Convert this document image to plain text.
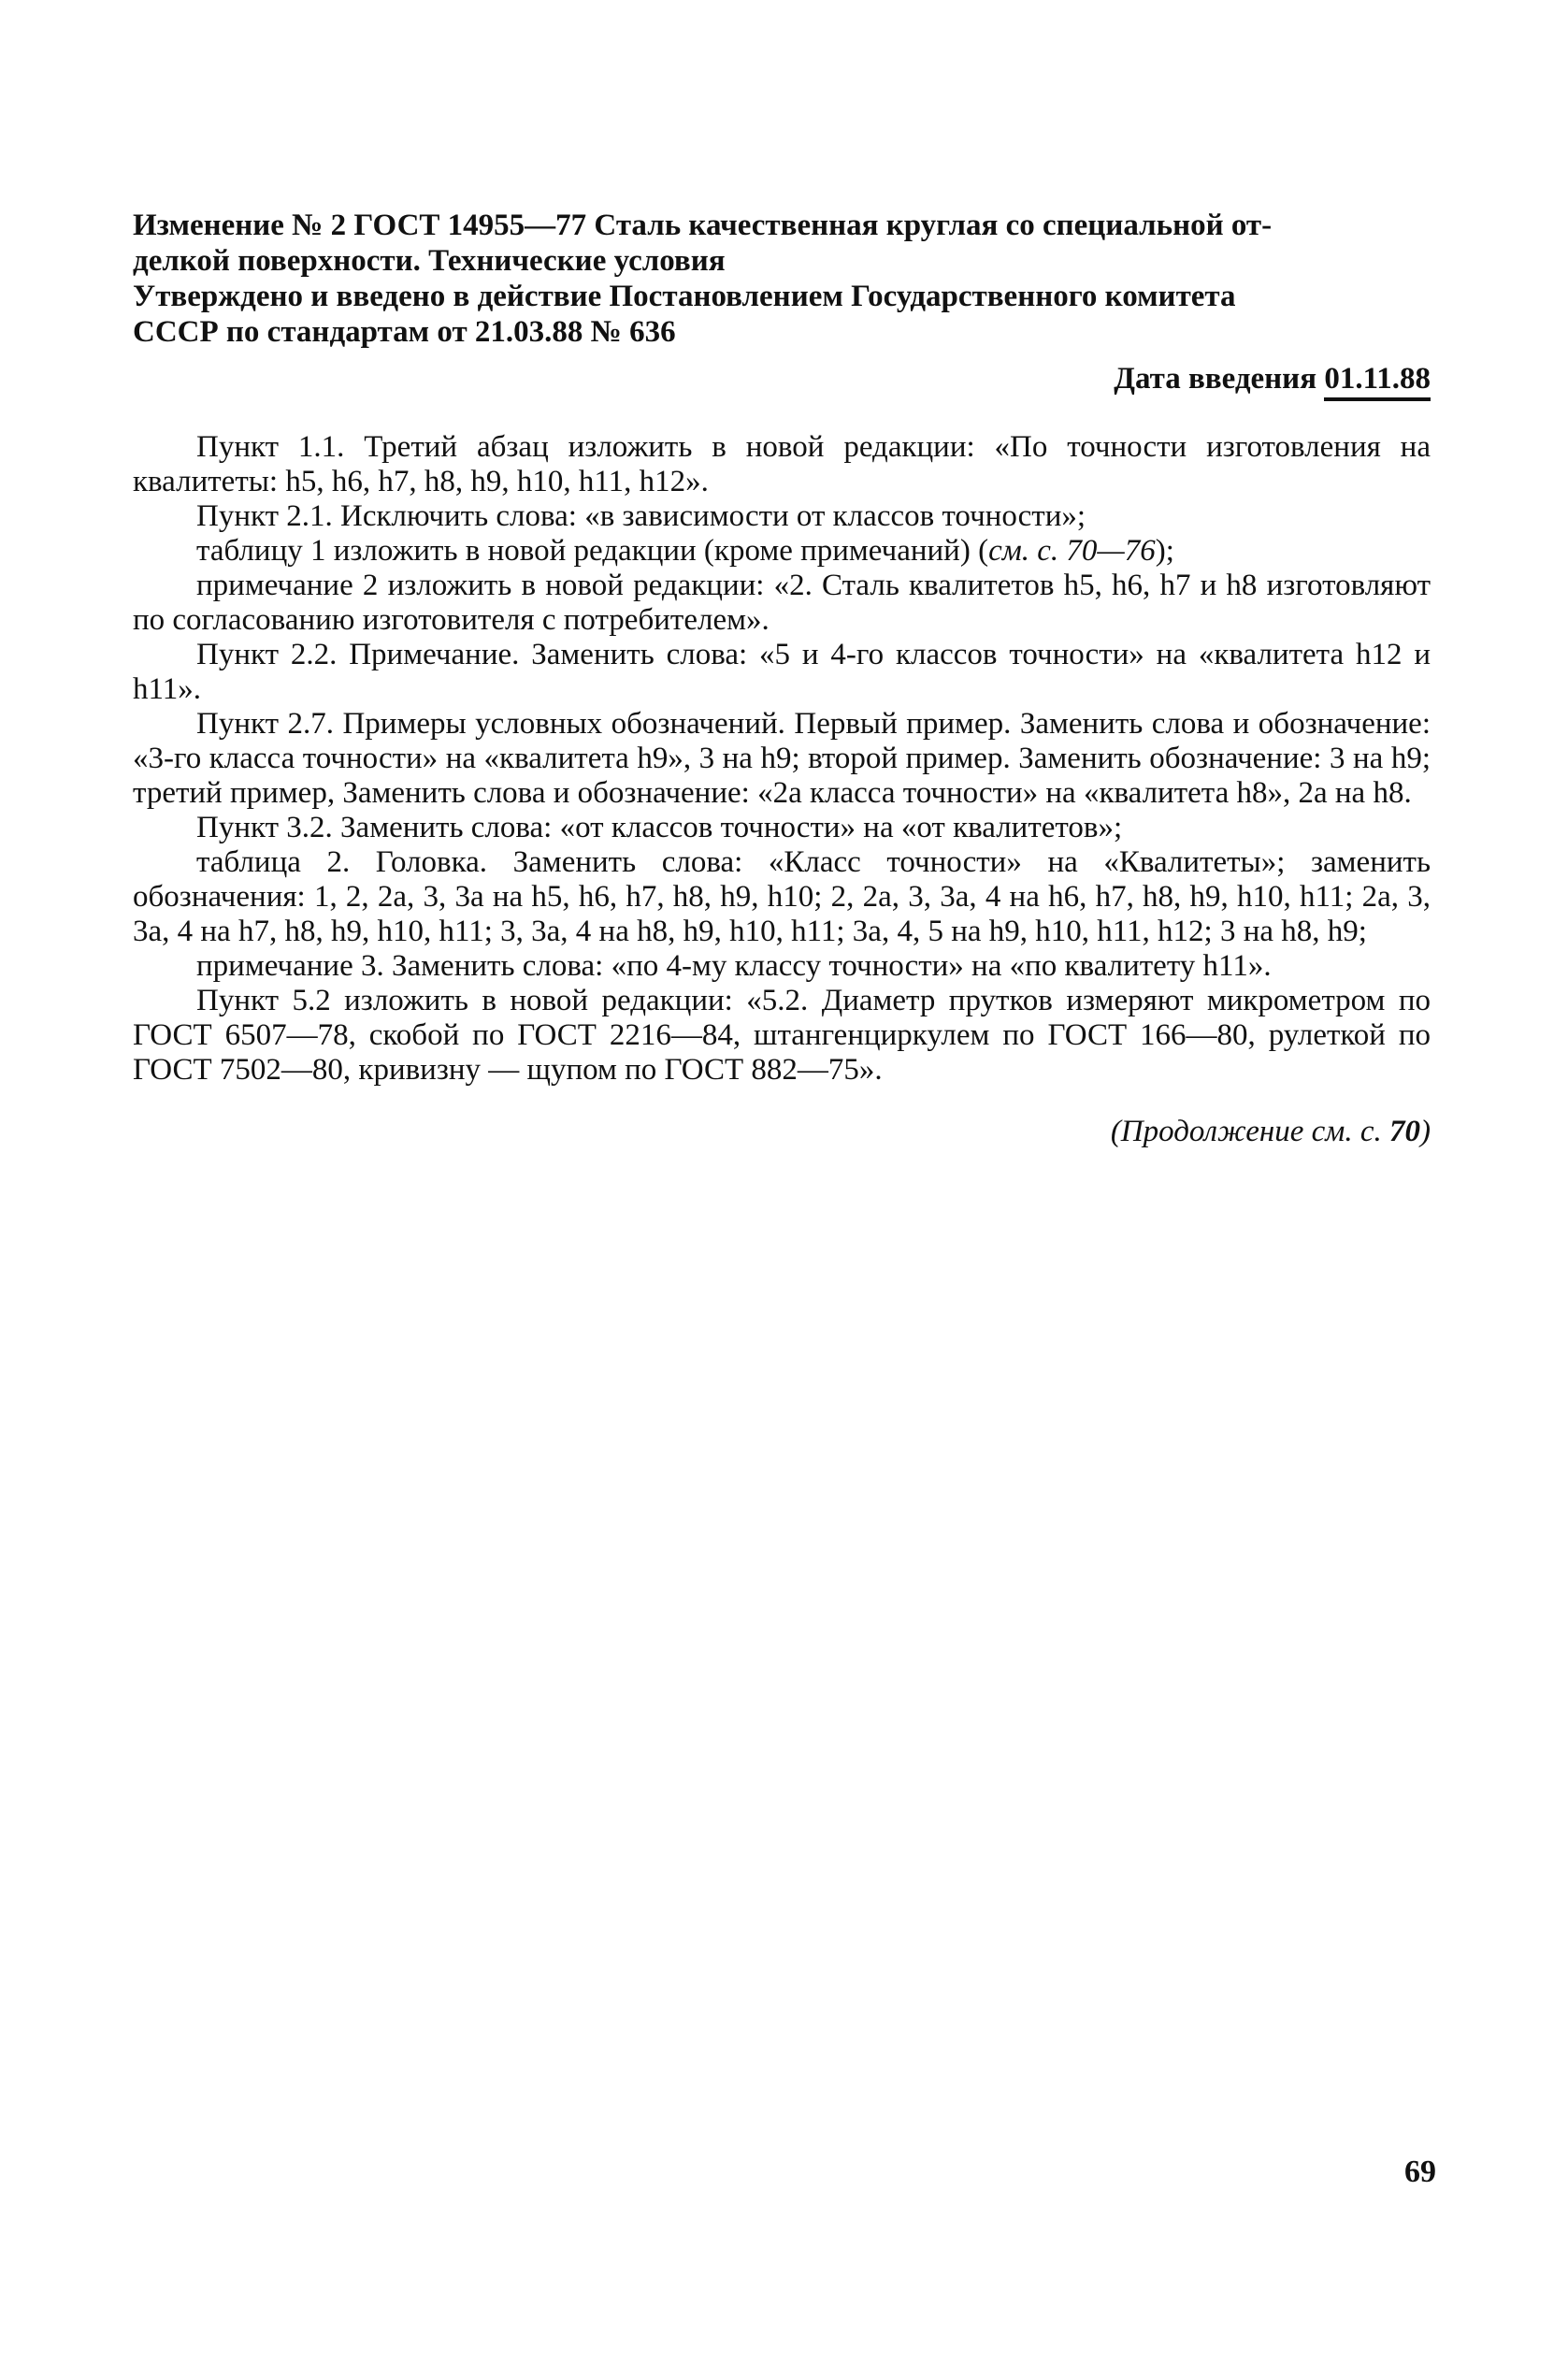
Изменение № 2 ГОСТ 14955—77 Сталь качественная круглая со специальной от-
делкой поверхности. Технические условия
Утверждено и введено в действие Постановлением Государственного комитета
СССР по стандартам от 21.03.88 № 636
Дата введения 01.11.88

Пункт 1.1. Третий абзац изложить в новой редакции: «По точности изготовления на квалитеты: h5, h6, h7, h8, h9, h10, h11, h12».

Пункт 2.1. Исключить слова: «в зависимости от классов точности»;

таблицу 1 изложить в новой редакции (кроме примечаний) (см. с. 70—76);

примечание 2 изложить в новой редакции: «2. Сталь квалитетов h5, h6, h7 и h8 изготовляют по согласованию изготовителя с потребителем».

Пункт 2.2. Примечание. Заменить слова: «5 и 4-го классов точности» на «квалитета h12 и h11».

Пункт 2.7. Примеры условных обозначений. Первый пример. Заменить слова и обозначение: «3-го класса точности» на «квалитета h9», 3 на h9; второй пример. Заменить обозначение: 3 на h9; третий пример, Заменить слова и обозначение: «2а класса точности» на «квалитета h8», 2а на h8.

Пункт 3.2. Заменить слова: «от классов точности» на «от квалитетов»;

таблица 2. Головка. Заменить слова: «Класс точности» на «Квалитеты»; заменить обозначения: 1, 2, 2а, 3, 3а на h5, h6, h7, h8, h9, h10; 2, 2а, 3, 3а, 4 на h6, h7, h8, h9, h10, h11; 2а, 3, 3а, 4 на h7, h8, h9, h10, h11; 3, 3а, 4 на h8, h9, h10, h11; 3а, 4, 5 на h9, h10, h11, h12; 3 на h8, h9;

примечание 3. Заменить слова: «по 4-му классу точности» на «по квалитету h11».

Пункт 5.2 изложить в новой редакции: «5.2. Диаметр прутков измеряют микрометром по ГОСТ 6507—78, скобой по ГОСТ 2216—84, штангенциркулем по ГОСТ 166—80, рулеткой по ГОСТ 7502—80, кривизну — щупом по ГОСТ 882—75».

(Продолжение см. с. 70)
69
